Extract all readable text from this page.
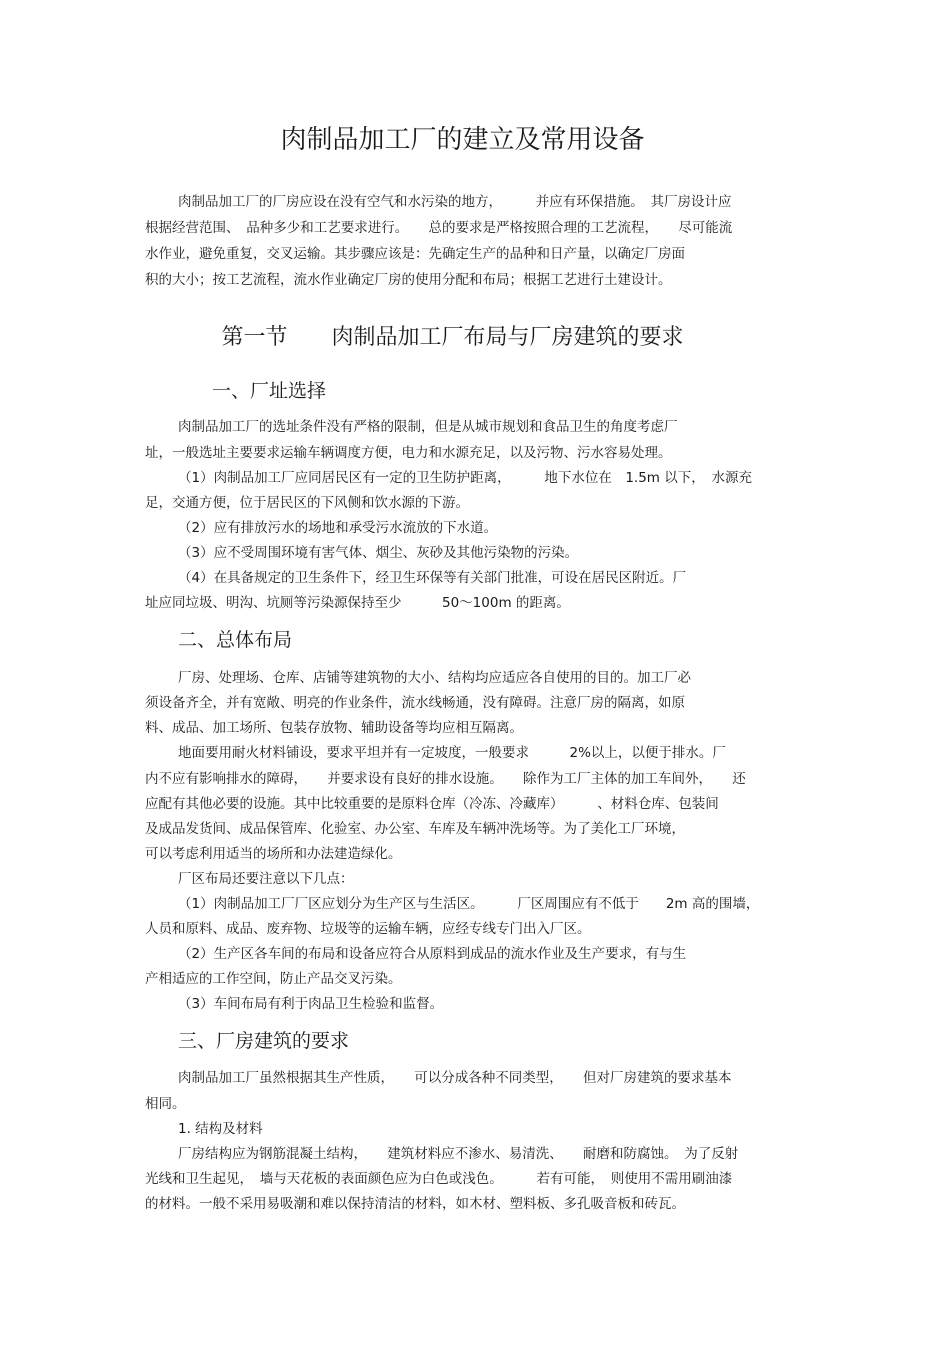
肉制品加工厂的建立及常用设备
肉制品加工厂的厂房应设在没有空气和水污染的地方，　　　并应有环保措施。　其厂房设计应
根据经营范围、　品种多少和工艺要求进行。　　总的要求是严格按照合理的工艺流程，　　尽可能流
水作业，避免重复，交叉运输。其步骤应该是：先确定生产的品种和日产量，以确定厂房面
积的大小；按工艺流程，流水作业确定厂房的使用分配和布局；根据工艺进行土建设计。
第一节　　肉制品加工厂布局与厂房建筑的要求
一、厂址选择
肉制品加工厂的选址条件没有严格的限制，但是从城市规划和食品卫生的角度考虑厂
址，一般选址主要要求运输车辆调度方便，电力和水源充足，以及污物、污水容易处理。
（1）肉制品加工厂应同居民区有一定的卫生防护距离，　　　地下水位在　1.5m 以下，　水源充
足，交通方便，位于居民区的下风侧和饮水源的下游。
（2）应有排放污水的场地和承受污水流放的下水道。
（3）应不受周围环境有害气体、烟尘、灰砂及其他污染物的污染。
（4）在具备规定的卫生条件下，经卫生环保等有关部门批准，可设在居民区附近。厂
址应同垃圾、明沟、坑厕等污染源保持至少　　　50～100m 的距离。
二、总体布局
厂房、处理场、仓库、店铺等建筑物的大小、结构均应适应各自使用的目的。加工厂必
须设备齐全，并有宽敞、明亮的作业条件，流水线畅通，没有障碍。注意厂房的隔离，如原
料、成品、加工场所、包装存放物、辅助设备等均应相互隔离。
地面要用耐火材料铺设，要求平坦并有一定坡度，一般要求　　　2%以上，以便于排水。厂
内不应有影响排水的障碍，　　并要求设有良好的排水设施。　　除作为工厂主体的加工车间外，　　还
应配有其他必要的设施。其中比较重要的是原料仓库（冷冻、冷藏库）　　　、材料仓库、包装间
及成品发货间、成品保管库、化验室、办公室、车库及车辆冲洗场等。为了美化工厂环境，
可以考虑利用适当的场所和办法建造绿化。
厂区布局还要注意以下几点：
（1）肉制品加工厂厂区应划分为生产区与生活区。　　　厂区周围应有不低于　　2m 高的围墙，
人员和原料、成品、废弃物、垃圾等的运输车辆，应经专线专门出入厂区。
（2）生产区各车间的布局和设备应符合从原料到成品的流水作业及生产要求，有与生
产相适应的工作空间，防止产品交叉污染。
（3）车间布局有利于肉品卫生检验和监督。
三、厂房建筑的要求
肉制品加工厂虽然根据其生产性质，　　可以分成各种不同类型，　　但对厂房建筑的要求基本
相同。
1. 结构及材料
厂房结构应为钢筋混凝土结构，　　建筑材料应不渗水、易清洗、　　耐磨和防腐蚀。　为了反射
光线和卫生起见，　墙与天花板的表面颜色应为白色或浅色。　　　若有可能，　则使用不需用刷油漆
的材料。一般不采用易吸潮和难以保持清洁的材料，如木材、塑料板、多孔吸音板和砖瓦。
